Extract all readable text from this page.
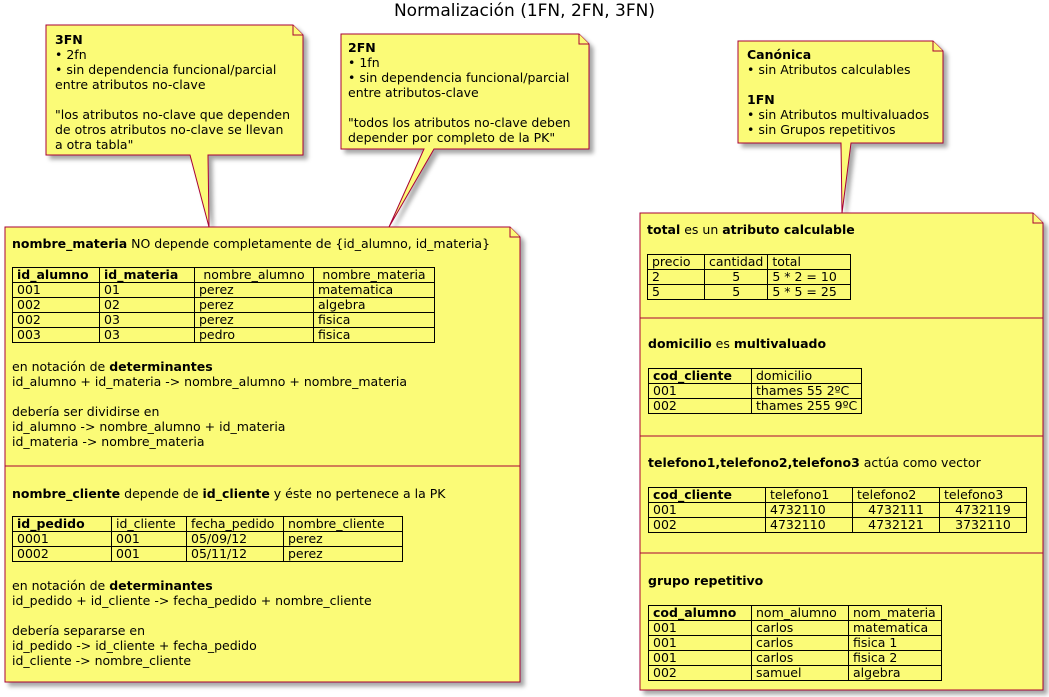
Normalización (1FN, 2FN, 3FN)
3FN
• 2fn
• sin dependencia funcional/parcial
entre atributos no-clave
"los atributos no-clave que dependen
de otros atributos no-clave se llevan
a otra tabla"
2FN
• 1fn
• sin dependencia funcional/parcial
entre atributos-clave
"todos los atributos no-clave deben
depender por completo de la PK"
Canónica
• sin Atributos calculables
1FN
• sin Atributos multivaluados
• sin Grupos repetitivos
nombre_materia NO depende completamente de {id_alumno, id_materia}
id_alumno	id_materia	nombre_alumno	nombre_materia
001	01	perez	matematica
002	02	perez	algebra
002	03	perez	fisica
003	03	pedro	fisica
en notación de determinantes
id_alumno + id_materia -> nombre_alumno + nombre_materia
debería ser dividirse en
id_alumno -> nombre_alumno + id_materia
id_materia -> nombre_materia
nombre_cliente depende de id_cliente y éste no pertenece a la PK
id_pedido	id_cliente	fecha_pedido	nombre_cliente
0001	001	05/09/12	perez
0002	001	05/11/12	perez
en notación de determinantes
id_pedido + id_cliente -> fecha_pedido + nombre_cliente
debería separarse en
id_pedido -> id_cliente + fecha_pedido
id_cliente -> nombre_cliente
total es un atributo calculable
precio	cantidad	total
2	5	5 * 2 = 10
5	5	5 * 5 = 25
domicilio es multivaluado
cod_cliente	domicilio
001	thames 55 2ºC
002	thames 255 9ºC
telefono1,telefono2,telefono3 actúa como vector
cod_cliente	telefono1	telefono2	telefono3
001	4732110	4732111	4732119
002	4732110	4732121	3732110
grupo repetitivo
cod_alumno	nom_alumno	nom_materia
001	carlos	matematica
001	carlos	fisica 1
001	carlos	fisica 2
002	samuel	algebra
